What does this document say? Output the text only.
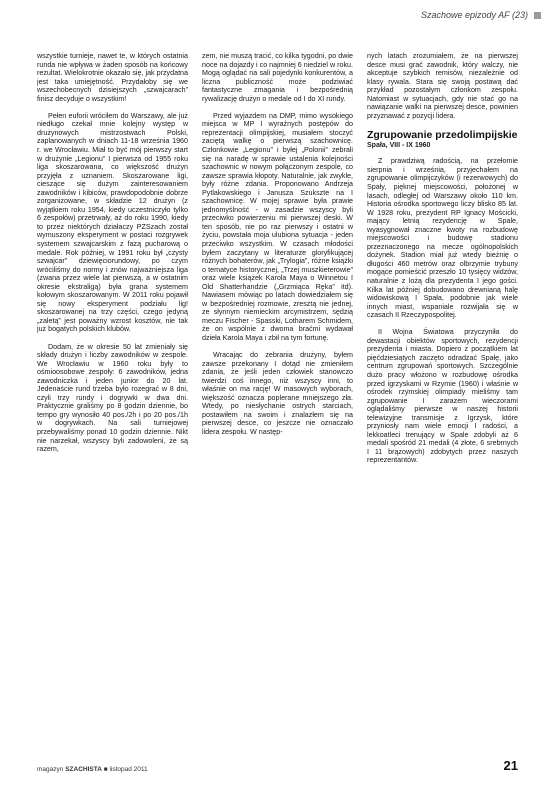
Szachowe epizody AF (23)

wszystkie turnieje, nawet te, w których ostatnia runda nie wpływa w żaden sposób na końcowy rezultat. Wielokrotnie okazało się, jak przydatna jest taka umiejętność. Przydałoby się we wszechobecnych dzisiejszych „szwajcarach” finisz decyduje o wszystkim!

Pełen euforii wróciłem do Warszawy, ale już niedługo czekał mnie kolejny występ w drużynowych mistrzostwach Polski, zaplanowanych w dniach 11-18 września 1960 r. we Wrocławiu. Miał to być mój pierwszy start w drużynie „Legionu” I pierwsza od 1955 roku liga skoszarowana, co większość drużyn przyjęła z uznaniem. Skoszarowane ligi, cieszące się dużym zainteresowaniem zawodników i kibiców, prawdopodobnie dobrze zorganizowane, w składzie 12 drużyn (z wyjątkiem roku 1954, kiedy uczestniczyło tylko 6 zespołów) przetrwały, aż do roku 1990, kiedy to przez niektórych działaczy PZSzach został wymuszony eksperyment w postaci rozgrywek systemem szwajcarskim z fazą pucharową o medale. Rok później, w 1991 roku był „czysty szwajcar” dziewięciorundowy, po czym wróciliśmy do normy i znów najważniejsza liga (zwana przez wiele lat pierwszą, a w ostatnim okresie ekstraligą) była grana systemem kołowym skoszarowanym. W 2011 roku pojawił się nowy eksperyment podziału lig! skoszarowanej na trzy części, czego jedyną „zaletą” jest poważny wzrost kosztów, nie tak już bogatych polskich klubów.

Dodam, że w okresie 50 lat zmieniały się składy drużyn i liczby zawodników w zespole. We Wrocławiu w 1960 roku były to ośmioosobowe zespoły: 6 zawodników, jedna zawodniczka i jeden junior do 20 lat. Jedenaście rund trzeba było rozegrać w 8 dni, czyli trzy rundy i dogrywki w dwa dni. Praktycznie graliśmy po 8 godzin dziennie, bo tempo gry wynosiło 40 pos./2h i po 20 pos./1h w dogrywkach. Na sali turniejowej przebywaliśmy ponad 10 godzin dziennie. Nikt nie narzekał, wszyscy byli zadowoleni, że są razem,

zem, nie muszą tracić, co kilka tygodni, po dwie noce na dojazdy i co najmniej 6 niedziel w roku. Mogą oglądać na sali pojedynki konkurentów, a liczna publiczność może podziwiać fantastyczne zmagania i bezpośrednią rywalizację drużyn o medale od I do XI rundy.

Przed wyjazdem na DMP, mimo wysokiego miejsca w MP I wyraźnych postępów do reprezentacji olimpijskiej, musiałem stoczyć zaciętą walkę o pierwszą szachownicę. Członkowie „Legionu” i byłej „Polonii” zebrali się na naradę w sprawie ustalenia kolejności szachownic w nowym połączonym zespole, co zawsze sprawia kłopoty. Naturalnie, jak zwykle, były różne zdania. Proponowano Andrzeja Pytlakowskiego i Janusza Szukszte na I szachownicę. W mojej sprawie była prawie jednomyślność - w zasadzie wszyscy byli przeciwko powierzeniu mi pierwszej deski. W ten sposób, nie po raz pierwszy i ostatni w życiu, powstała moja ulubiona sytuacja - jeden przeciwko wszystkim. W czasach młodości byłem zaczytany w literaturze gloryfikującej różnych bohaterów, jak „Trylogia”, różne książki o tematyce historycznej, „Trzej muszkieterowie” oraz wiele książek Karola Maya o Winnetou I Old Shatterhandzie („Grzmiąca Ręka” itd). Nawiasem mówiąc po latach dowiedziałem się w bezpośredniej rozmowie, zresztą nie jednej, ze słynnym niemieckim arcymistrzem, sędzią meczu Fischer - Spasski, Lotharem Schmidem, że on wspólnie z dwoma braćmi wydawał dzieła Karola Maya i zbił na tym fortunę.

Wracając do zebrania drużyny, byłem zawsze przekonany I dotąd nie zmieniłem zdania, że jeśli jeden człowiek stanowczo twierdzi coś innego, niż wszyscy inni, to właśnie on ma rację! W masowych wyborach, większość oznacza poplerane mniejszego zła. Wtedy, po niesłychanie ostrych starciach, postawiłem na swoim i znalazłem się na pierwszej desce, co jeszcze nie oznaczało lidera zespołu. W następ-

nych latach zrozumiałem, że na pierwszej desce musi grać zawodnik, który walczy, nie akceptuje szybkich remisów, niezależnie od klasy rywala. Stara się swoją postawą dać przykład pozostałym członkom zespołu. Natomiast w sytuacjach, gdy nie stać go na nawiązanie walki na pierwszej desce, powinien przyznawać z pozycji lidera.

Zgrupowanie przedolimpijskie
Spała, VIII - IX 1960

Z prawdziwą radością, na przełomie sierpnia i września, przyjechałem na zgrupowanie olimpijczyków (i rezerwowych) do Spały, pięknej miejscowości, położonej w lasach, odległej od Warszawy około 110 km. Historia ośrodka sportowego liczy blisko 85 lat. W 1928 roku, prezydent RP Ignacy Mościcki, mający letnią rezydencję w Spale, wyasygnował znaczne kwoty na rozbudowę miejscowości i budowę stadionu przeznaczonego na mecze ogólnopolskich dożynek. Stadion miał już wtedy bieżnię o długości 460 metrów oraz olbrzymie trybuny mogące pomieścić przeszło 10 tysięcy widzów, naturalnie z lożą dla prezydenta I jego gości. Kilka lat później dobudowano drewnianą halę widowiskową I Spała, podobnie jak wiele innych miast, wspaniale rozwijała się w czasach II Rzeczypospolitej.

II Wojna Światowa przyczyniła do dewastacji obiektów sportowych, rezydencji prezydenta i miasta. Dopiero z początkiem lat pięćdziesiątych zaczęto odradzać Spałę, jako centrum zgrupowań sportowych. Szczególnie dużo pracy włożono w rozbudowę ośrodka przed igrzyskami w Rzymie (1960) i właśnie w ośrodek rzymskiej olimpiady mieliśmy tam zgrupowanie I zarazem wieczorami oglądaliśmy pierwsze w naszej historii telewizyjne transmisje z Igrzysk, które przyniosły nam wiele emocji I radości, a lekkoatleci trenujący w Spale zdobyli aż 6 medali spośród 21 medali (4 złote, 6 srebrnych I 11 brązowych) zdobytych przez naszych reprezentantów.

magazyn SZACHISTA ■ listopad 2011	21
